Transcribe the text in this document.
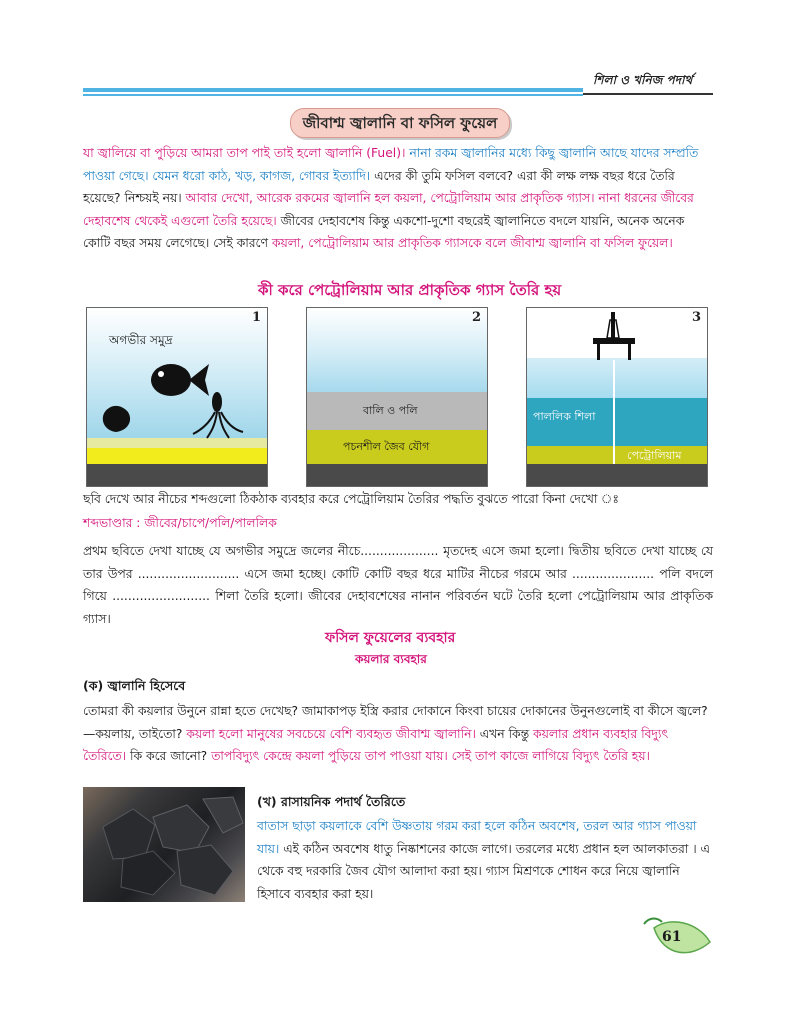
শিলা ও খনিজ পদার্থ
জীবাশ্ম জ্বালানি বা ফসিল ফুয়েল
যা জ্বালিয়ে বা পুড়িয়ে আমরা তাপ পাই তাই হলো জ্বালানি (Fuel)। নানা রকম জ্বালানির মধ্যে কিছু জ্বালানি আছে যাদের সম্প্রতি পাওয়া গেছে। যেমন ধরো কাঠ, খড়, কাগজ, গোবর ইত্যাদি। এদের কী তুমি ফসিল বলবে? এরা কী লক্ষ লক্ষ বছর ধরে তৈরি হয়েছে? নিশ্চয়ই নয়। আবার দেখো, আরেক রকমের জ্বালানি হল কয়লা, পেট্রোলিয়াম আর প্রাকৃতিক গ্যাস। নানা ধরনের জীবের দেহাবশেষ থেকেই এগুলো তৈরি হয়েছে। জীবের দেহাবশেষ কিন্তু একশো-দুশো বছরেই জ্বালানিতে বদলে যায়নি, অনেক অনেক কোটি বছর সময় লেগেছে। সেই কারণে কয়লা, পেট্রোলিয়াম আর প্রাকৃতিক গ্যাসকে বলে জীবাশ্ম জ্বালানি বা ফসিল ফুয়েল।
কী করে পেট্রোলিয়াম আর প্রাকৃতিক গ্যাস তৈরি হয়
1
অগভীর সমুদ্র
2
বালি ও পলি
পচনশীল জৈব যৌগ
3
পাললিক শিলা
পেট্রোলিয়াম
ছবি দেখে আর নীচের শব্দগুলো ঠিকঠাক ব্যবহার করে পেট্রোলিয়াম তৈরির পদ্ধতি বুঝতে পারো কিনা দেখো ঃ
শব্দভাণ্ডার : জীবের/চাপে/পলি/পাললিক
প্রথম ছবিতে দেখা যাচ্ছে যে অগভীর সমুদ্রে জলের নীচে.................... মৃতদেহ এসে জমা হলো। দ্বিতীয় ছবিতে দেখা যাচ্ছে যে তার উপর .......................... এসে জমা হচ্ছে। কোটি কোটি বছর ধরে মাটির নীচের গরমে আর ..................... পলি বদলে গিয়ে ......................... শিলা তৈরি হলো। জীবের দেহাবশেষের নানান পরিবর্তন ঘটে তৈরি হলো পেট্রোলিয়াম আর প্রাকৃতিক গ্যাস।
ফসিল ফুয়েলের ব্যবহার
কয়লার ব্যবহার
(ক) জ্বালানি হিসেবে
তোমরা কী কয়লার উনুনে রান্না হতে দেখেছ? জামাকাপড় ইস্ত্রি করার দোকানে কিংবা চায়ের দোকানের উনুনগুলোই বা কীসে জ্বলে? —কয়লায়, তাইতো? কয়লা হলো মানুষের সবচেয়ে বেশি ব্যবহৃত জীবাশ্ম জ্বালানি। এখন কিন্তু কয়লার প্রধান ব্যবহার বিদ্যুৎ তৈরিতে। কি করে জানো? তাপবিদ্যুৎ কেন্দ্রে কয়লা পুড়িয়ে তাপ পাওয়া যায়। সেই তাপ কাজে লাগিয়ে বিদ্যুৎ তৈরি হয়।
(খ) রাসায়নিক পদার্থ তৈরিতে
বাতাস ছাড়া কয়লাকে বেশি উষ্ণতায় গরম করা হলে কঠিন অবশেষ, তরল আর গ্যাস পাওয়া যায়। এই কঠিন অবশেষ ধাতু নিষ্কাশনের কাজে লাগে। তরলের মধ্যে প্রধান হল আলকাতরা । এ থেকে বহু দরকারি জৈব যৌগ আলাদা করা হয়। গ্যাস মিশ্রণকে শোধন করে নিয়ে জ্বালানি হিসাবে ব্যবহার করা হয়।
61
